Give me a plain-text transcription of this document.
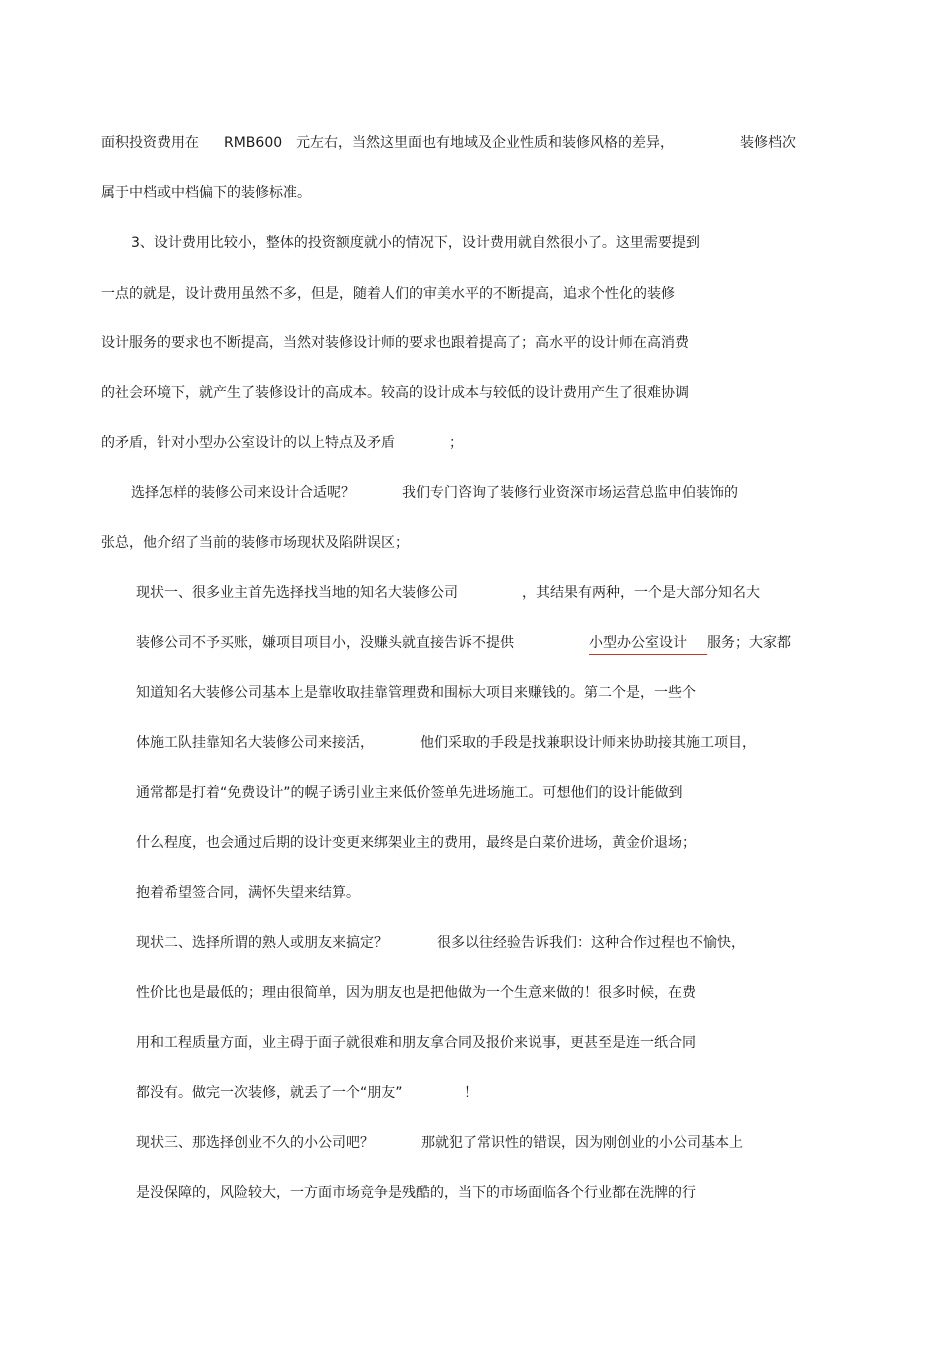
面积投资费用在 RMB600 元左右，当然这里面也有地域及企业性质和装修风格的差异，	装修档次
属于中档或中档偏下的装修标准。
3、设计费用比较小，整体的投资额度就小的情况下，设计费用就自然很小了。这里需要提到
一点的就是，设计费用虽然不多，但是，随着人们的审美水平的不断提高，追求个性化的装修
设计服务的要求也不断提高，当然对装修设计师的要求也跟着提高了；高水平的设计师在高消费
的社会环境下，就产生了装修设计的高成本。较高的设计成本与较低的设计费用产生了很难协调
的矛盾，针对小型办公室设计的以上特点及矛盾	；
选择怎样的装修公司来设计合适呢？	我们专门咨询了装修行业资深市场运营总监申伯装饰的
张总，他介绍了当前的装修市场现状及陷阱误区；
现状一、很多业主首先选择找当地的知名大装修公司	，其结果有两种，一个是大部分知名大
装修公司不予买账，嫌项目项目小，没赚头就直接告诉不提供	小型办公室设计	服务；大家都
知道知名大装修公司基本上是靠收取挂靠管理费和围标大项目来赚钱的。第二个是，一些个
体施工队挂靠知名大装修公司来接活，	他们采取的手段是找兼职设计师来协助接其施工项目，
通常都是打着“免费设计”的幌子诱引业主来低价签单先进场施工。可想他们的设计能做到
什么程度，也会通过后期的设计变更来绑架业主的费用，最终是白菜价进场，黄金价退场；
抱着希望签合同，满怀失望来结算。
现状二、选择所谓的熟人或朋友来搞定？	很多以往经验告诉我们：这种合作过程也不愉快，
性价比也是最低的；理由很简单，因为朋友也是把他做为一个生意来做的！很多时候，在费
用和工程质量方面，业主碍于面子就很难和朋友拿合同及报价来说事，更甚至是连一纸合同
都没有。做完一次装修，就丢了一个“朋友”	！
现状三、那选择创业不久的小公司吧？	那就犯了常识性的错误，因为刚创业的小公司基本上
是没保障的，风险较大，一方面市场竞争是残酷的，当下的市场面临各个行业都在洗牌的行
